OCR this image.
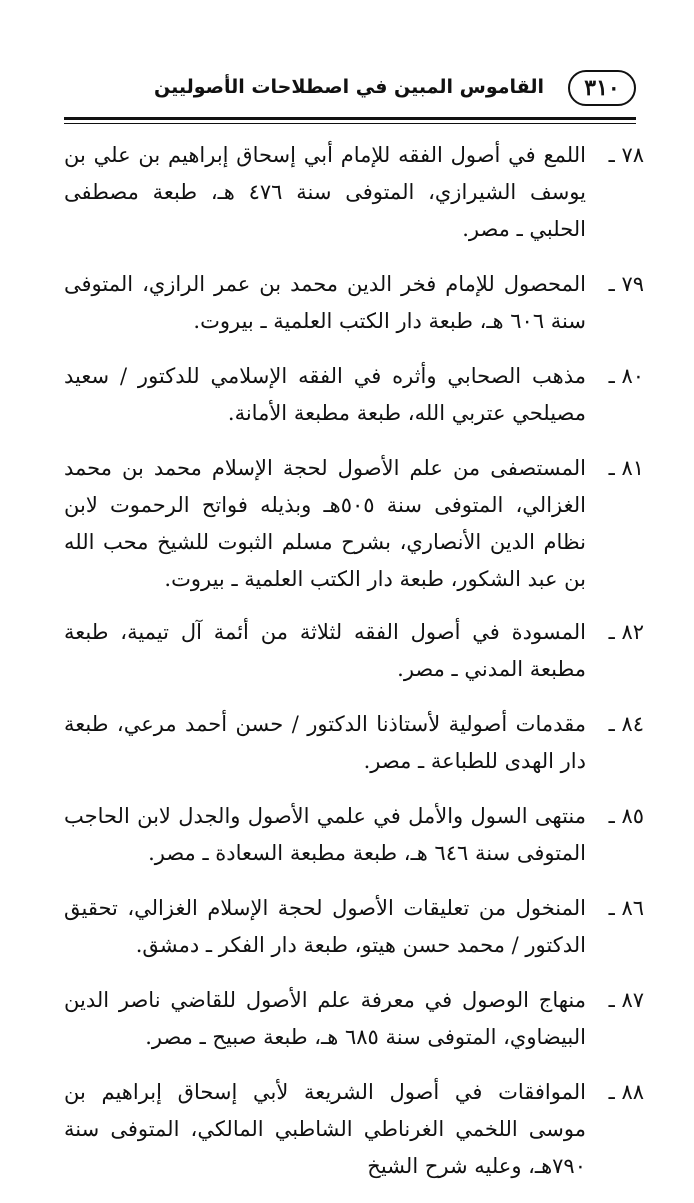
٣١٠
القاموس المبين في اصطلاحات الأصوليين
٧٨ ـ
اللمع في أصول الفقه للإمام أبي إسحاق إبراهيم بن علي بن يوسف الشيرازي، المتوفى سنة ٤٧٦ هـ، طبعة مصطفى الحلبي ـ مصر.
٧٩ ـ
المحصول للإمام فخر الدين محمد بن عمر الرازي، المتوفى سنة ٦٠٦ هـ، طبعة دار الكتب العلمية ـ بيروت.
٨٠ ـ
مذهب الصحابي وأثره في الفقه الإسلامي للدكتور / سعيد مصيلحي عتربي الله، طبعة مطبعة الأمانة.
٨١ ـ
المستصفى من علم الأصول لحجة الإسلام محمد بن محمد الغزالي، المتوفى سنة ٥٠٥هـ وبذيله فواتح الرحموت لابن نظام الدين الأنصاري، بشرح مسلم الثبوت للشيخ محب الله بن عبد الشكور، طبعة دار الكتب العلمية ـ بيروت.
٨٢ ـ
المسودة في أصول الفقه لثلاثة من أئمة آل تيمية، طبعة مطبعة المدني ـ مصر.
٨٤ ـ
مقدمات أصولية لأستاذنا الدكتور / حسن أحمد مرعي، طبعة دار الهدى للطباعة ـ مصر.
٨٥ ـ
منتهى السول والأمل في علمي الأصول والجدل لابن الحاجب المتوفى سنة ٦٤٦ هـ، طبعة مطبعة السعادة ـ مصر.
٨٦ ـ
المنخول من تعليقات الأصول لحجة الإسلام الغزالي، تحقيق الدكتور / محمد حسن هيتو، طبعة دار الفكر ـ دمشق.
٨٧ ـ
منهاج الوصول في معرفة علم الأصول للقاضي ناصر الدين البيضاوي، المتوفى سنة ٦٨٥ هـ، طبعة صبيح ـ مصر.
٨٨ ـ
الموافقات في أصول الشريعة لأبي إسحاق إبراهيم بن موسى اللخمي الغرناطي الشاطبي المالكي، المتوفى سنة ٧٩٠هـ، وعليه شرح الشيخ
